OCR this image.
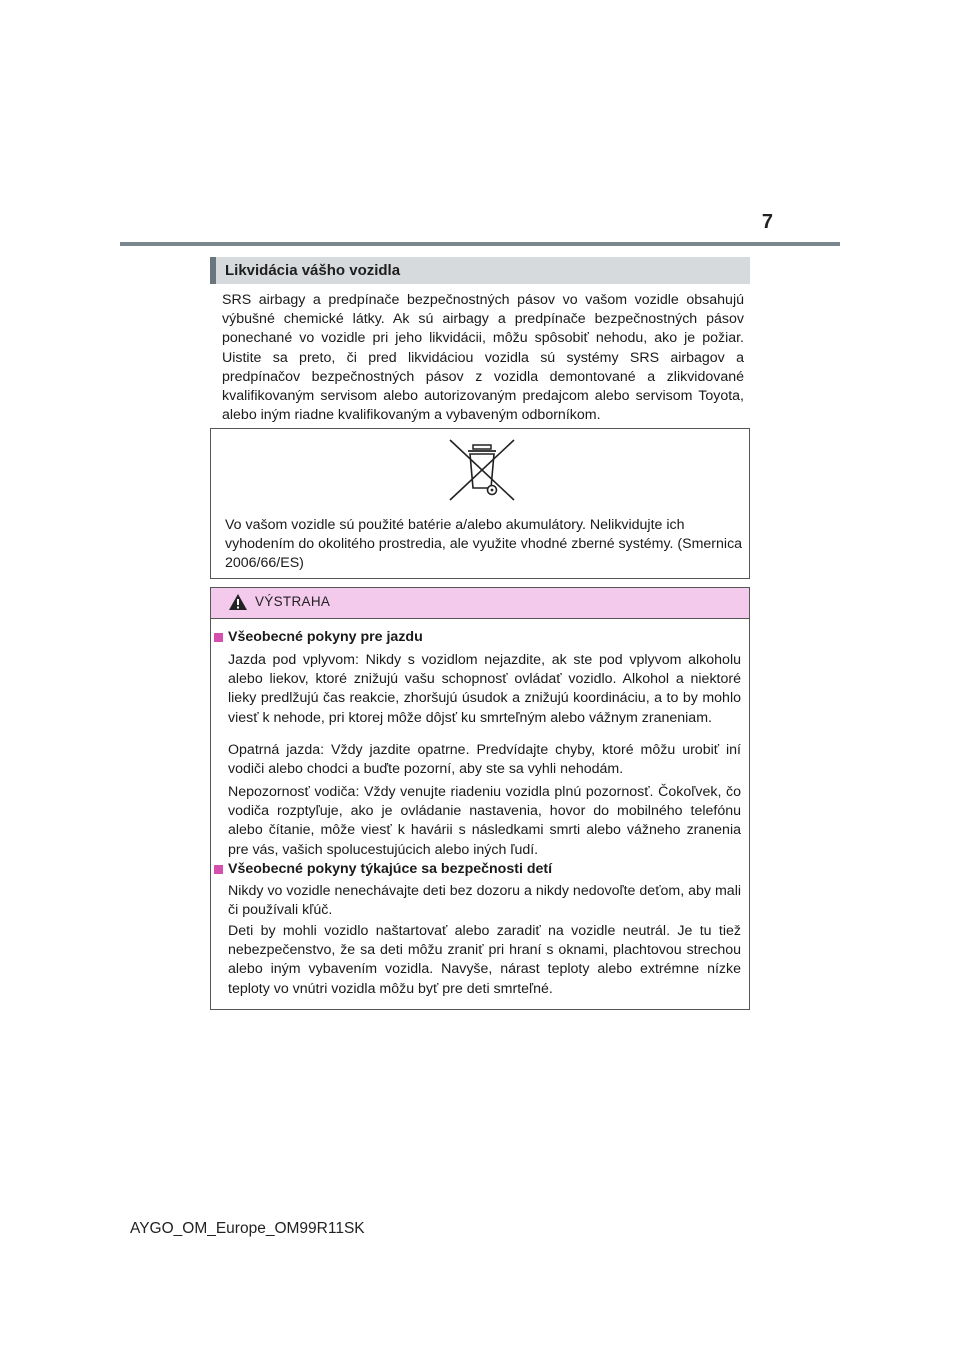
7
Likvidácia vášho vozidla

SRS airbagy a predpínače bezpečnostných pásov vo vašom vozidle obsahujú výbušné chemické látky. Ak sú airbagy a predpínače bezpečnostných pásov ponechané vo vozidle pri jeho likvidácii, môžu spôsobiť nehodu, ako je požiar. Uistite sa preto, či pred likvidáciou vozidla sú systémy SRS airbagov a predpínačov bezpečnostných pásov z vozidla demontované a zlikvidované kvalifikovaným servisom alebo autorizovaným predajcom alebo servisom Toyota, alebo iným riadne kvalifikovaným a vybaveným odborníkom.

Vo vašom vozidle sú použité batérie a/alebo akumulátory. Nelikvidujte ich vyhodením do okolitého prostredia, ale využite vhodné zberné systémy. (Smernica 2006/66/ES)

VÝSTRAHA
Všeobecné pokyny pre jazdu

Jazda pod vplyvom: Nikdy s vozidlom nejazdite, ak ste pod vplyvom alkoholu alebo liekov, ktoré znižujú vašu schopnosť ovládať vozidlo. Alkohol a niektoré lieky predlžujú čas reakcie, zhoršujú úsudok a znižujú koordináciu, a to by mohlo viesť k nehode, pri ktorej môže dôjsť ku smrteľným alebo vážnym zraneniam.

Opatrná jazda: Vždy jazdite opatrne. Predvídajte chyby, ktoré môžu urobiť iní vodiči alebo chodci a buďte pozorní, aby ste sa vyhli nehodám.

Nepozornosť vodiča: Vždy venujte riadeniu vozidla plnú pozornosť. Čokoľvek, čo vodiča rozptyľuje, ako je ovládanie nastavenia, hovor do mobilného telefónu alebo čítanie, môže viesť k havárii s následkami smrti alebo vážneho zranenia pre vás, vašich spolucestujúcich alebo iných ľudí.

Všeobecné pokyny týkajúce sa bezpečnosti detí

Nikdy vo vozidle nenechávajte deti bez dozoru a nikdy nedovoľte deťom, aby mali či používali kľúč.

Deti by mohli vozidlo naštartovať alebo zaradiť na vozidle neutrál. Je tu tiež nebezpečenstvo, že sa deti môžu zraniť pri hraní s oknami, plachtovou strechou alebo iným vybavením vozidla. Navyše, nárast teploty alebo extrémne nízke teploty vo vnútri vozidla môžu byť pre deti smrteľné.

AYGO_OM_Europe_OM99R11SK
